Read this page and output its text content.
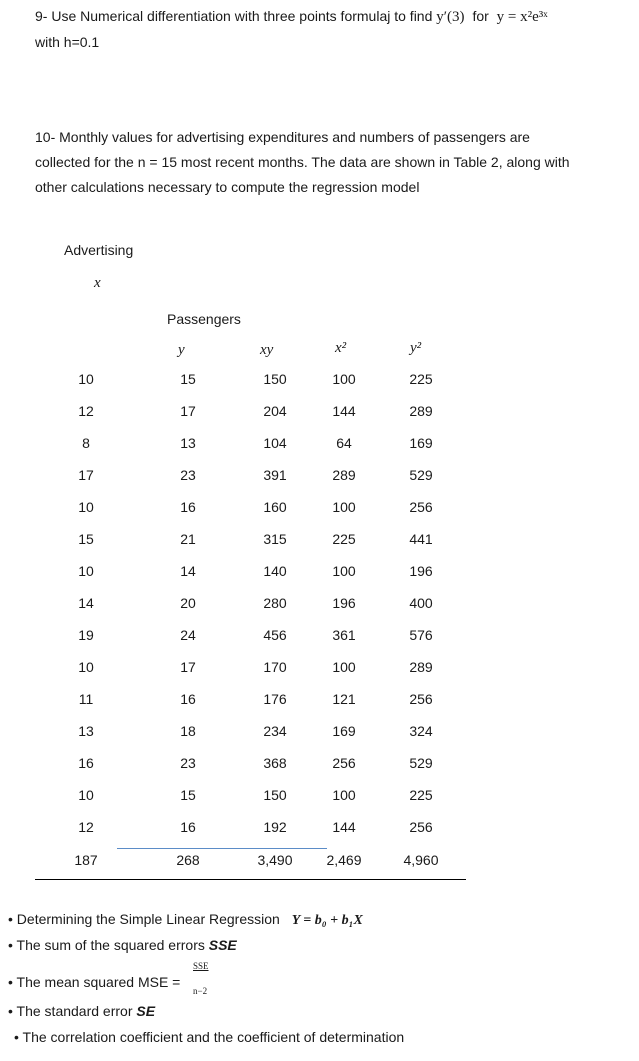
9- Use Numerical differentiation with three points formulaj to find y′(3) for y = x²e³ˣ
with h=0.1
10- Monthly values for advertising expenditures and numbers of passengers are
collected for the n = 15 most recent months. The data are shown in Table 2, along with
other calculations necessary to compute the regression model
Advertising
x
Passengers
y	xy	x²	y²
10	15	150	100	225
12	17	204	144	289
8	13	104	64	169
17	23	391	289	529
10	16	160	100	256
15	21	315	225	441
10	14	140	100	196
14	20	280	196	400
19	24	456	361	576
10	17	170	100	289
11	16	176	121	256
13	18	234	169	324
16	23	368	256	529
10	15	150	100	225
12	16	192	144	256
187	268	3,490	2,469	4,960
• Determining the Simple Linear Regression Y = b₀ + b₁X
• The sum of the squared errors SSE
• The mean squared MSE =
SSE
n−2
• The standard error SE
• The correlation coefficient and the coefficient of determination
